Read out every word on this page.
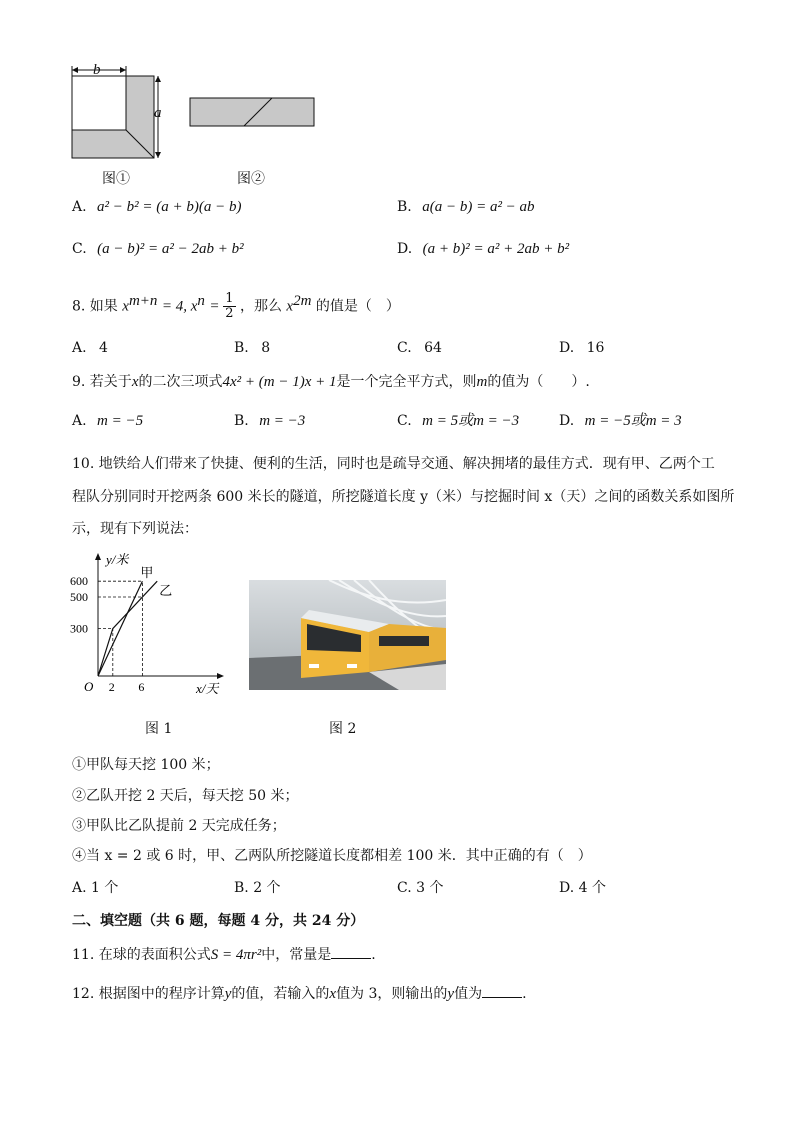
b
a
图①	图②
A. a² − b² = (a + b)(a − b)	B. a(a − b) = a² − ab
C. (a − b)² = a² − 2ab + b²	D. (a + b)² = a² + 2ab + b²
8. 如果 $x^{m+n} = 4$, $x^n = \frac{1}{2}$ ，那么 $x^{2m}$ 的值是（　）
A. 4	B. 8	C. 64	D. 16
9. 若关于x的二次三项式4x² + (m − 1)x + 1是一个完全平方式，则m的值为（　　）.
A. m = −5	B. m = −3	C. m = 5或m = −3	D. m = −5或m = 3
10. 地铁给人们带来了快捷、便利的生活，同时也是疏导交通、解决拥堵的最佳方式．现有甲、乙两个工
程队分别同时开挖两条 600 米长的隧道，所挖隧道长度 y（米）与挖掘时间 x（天）之间的函数关系如图所
示，现有下列说法：
y/米
x/天
O
300
500
600
2 6
甲
乙
图 1	图 2
①甲队每天挖 100 米；
②乙队开挖 2 天后，每天挖 50 米；
③甲队比乙队提前 2 天完成任务；
④当 x = 2 或 6 时，甲、乙两队所挖隧道长度都相差 100 米．其中正确的有（　）
A. 1 个	B. 2 个	C. 3 个	D. 4 个
二、填空题（共 6 题，每题 4 分，共 24 分）
11. 在球的表面积公式S = 4πr²中，常量是	.
12. 根据图中的程序计算y的值，若输入的x值为 3，则输出的y值为	.
